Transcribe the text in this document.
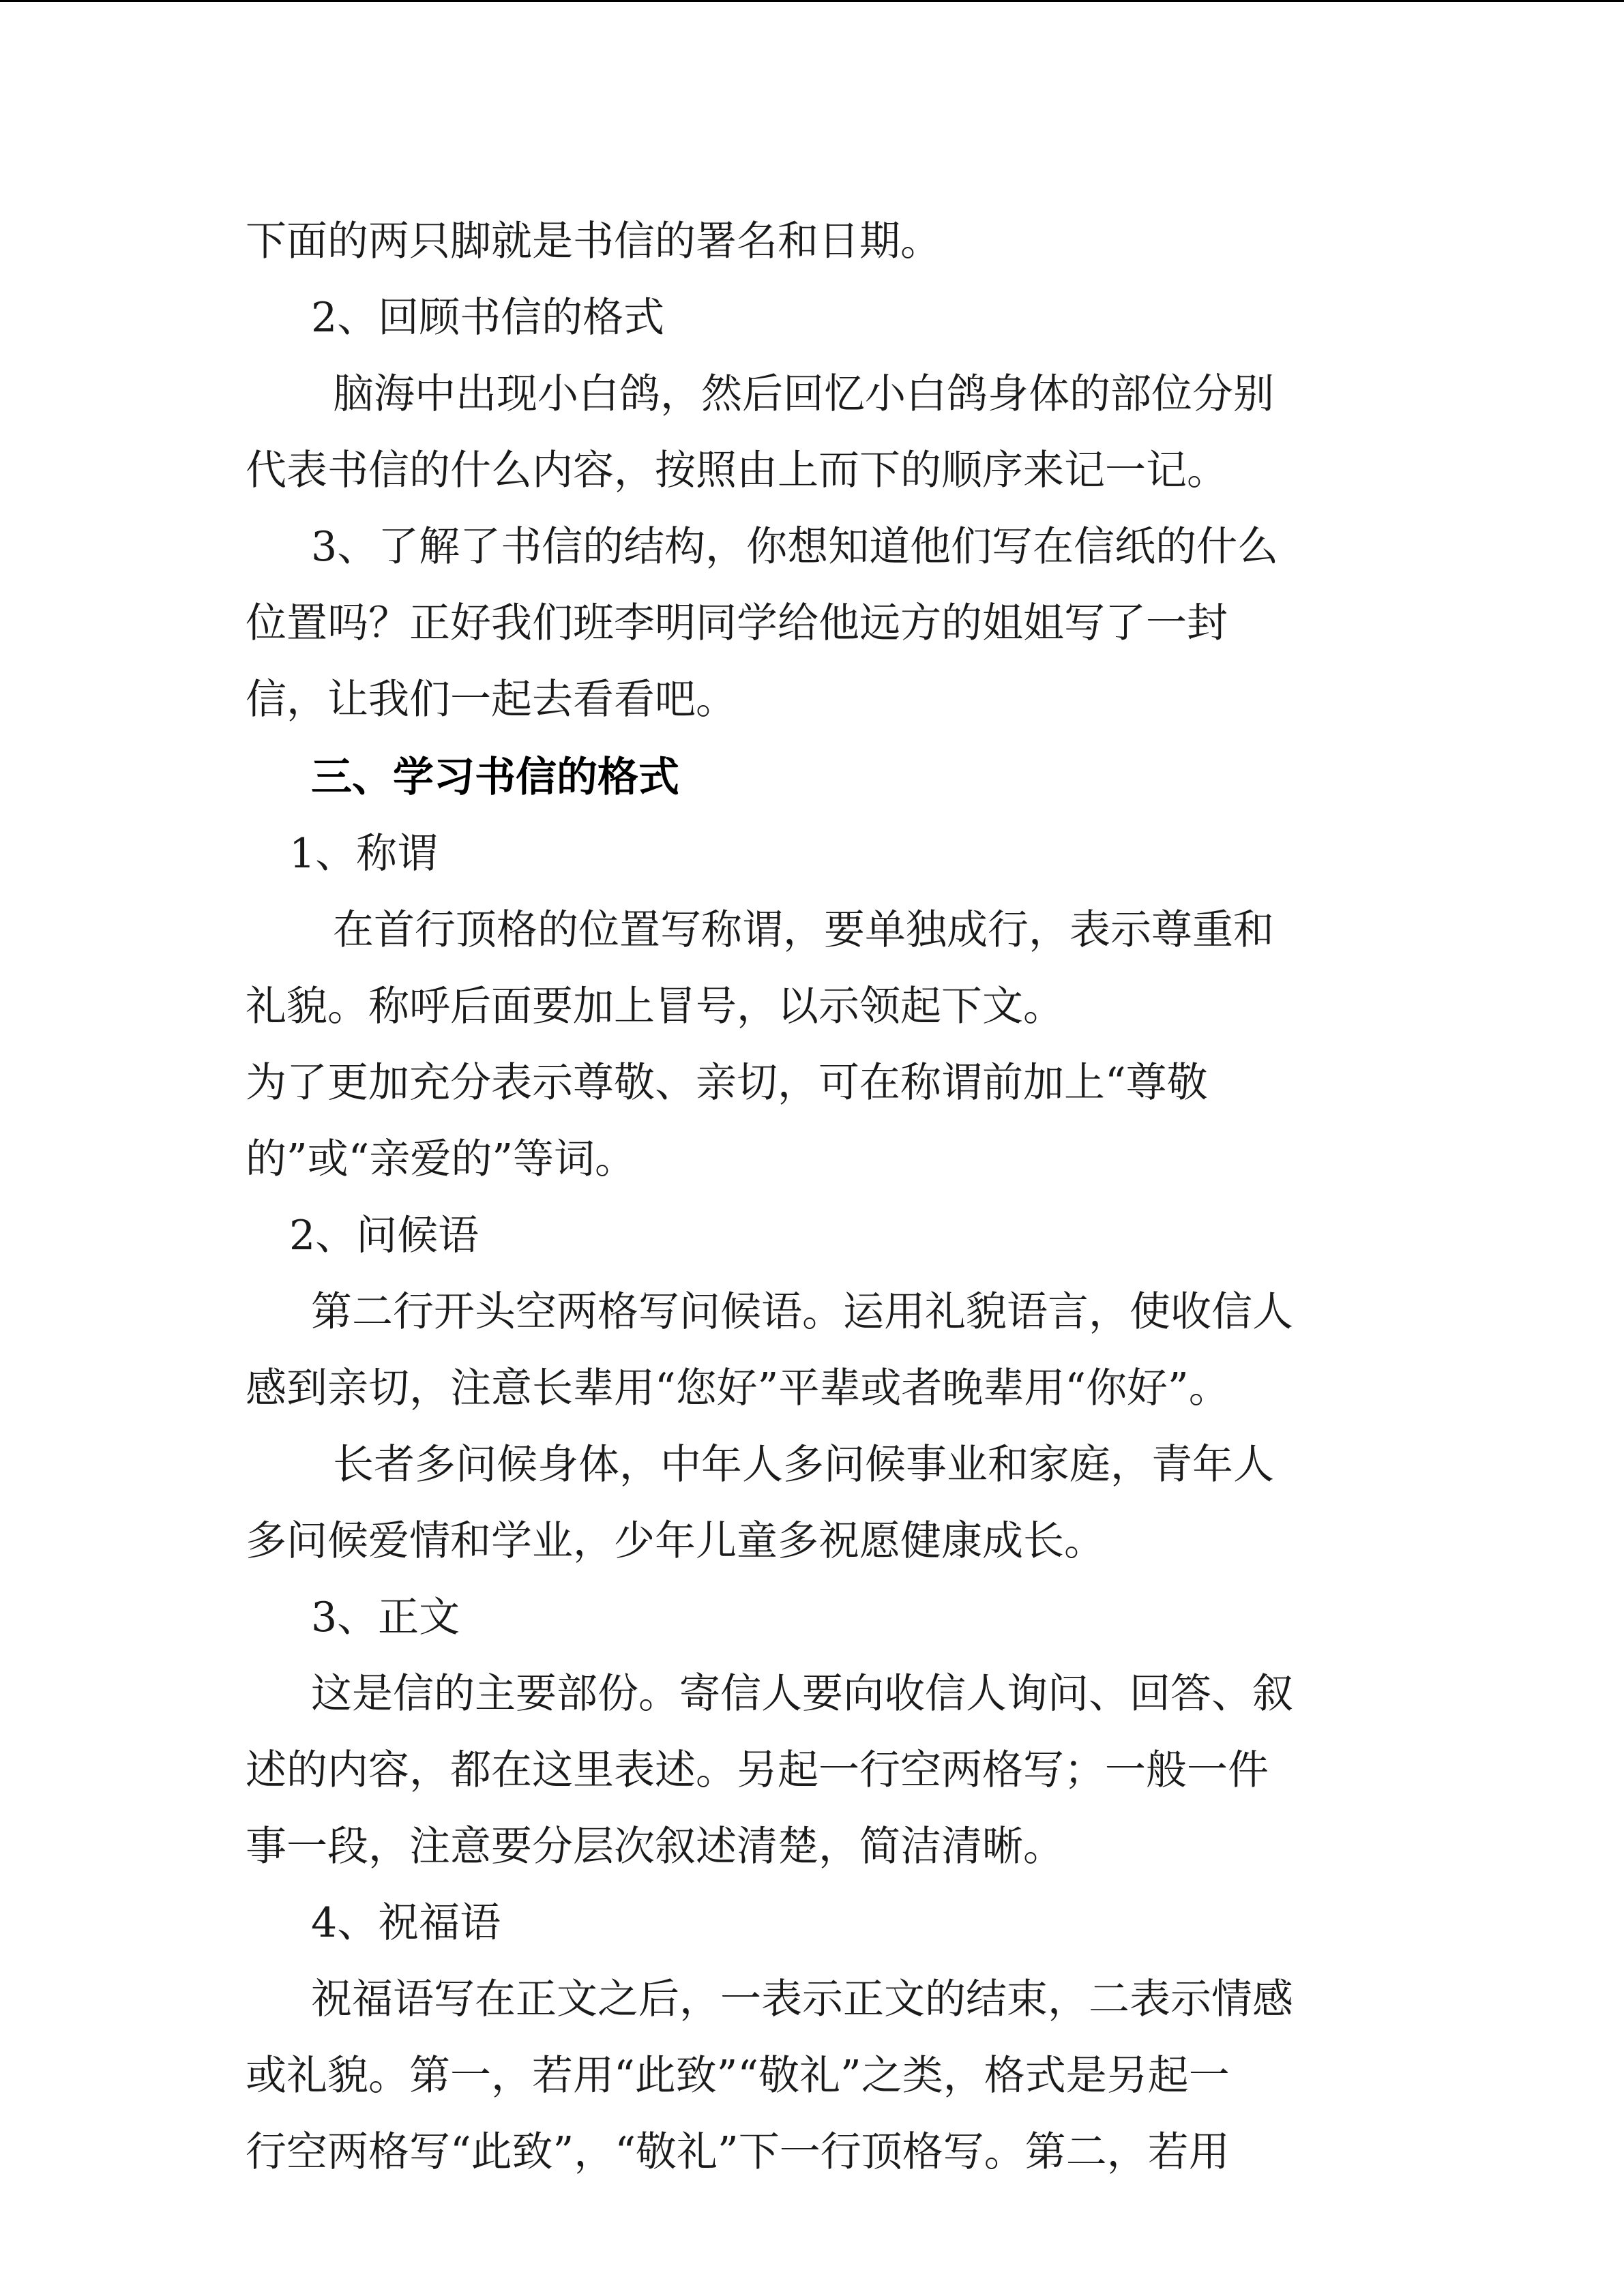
下面的两只脚就是书信的署名和日期。

2、回顾书信的格式

脑海中出现小白鸽，然后回忆小白鸽身体的部位分别

代表书信的什么内容，按照由上而下的顺序来记一记。

3、了解了书信的结构，你想知道他们写在信纸的什么

位置吗？正好我们班李明同学给他远方的姐姐写了一封

信，让我们一起去看看吧。

三、学习书信的格式

1、称谓

在首行顶格的位置写称谓，要单独成行，表示尊重和

礼貌。称呼后面要加上冒号，以示领起下文。

为了更加充分表示尊敬、亲切，可在称谓前加上“尊敬

的”或“亲爱的”等词。

2、问候语

第二行开头空两格写问候语。运用礼貌语言，使收信人

感到亲切，注意长辈用“您好”平辈或者晚辈用“你好”。

长者多问候身体，中年人多问候事业和家庭，青年人

多问候爱情和学业，少年儿童多祝愿健康成长。

3、正文

这是信的主要部份。寄信人要向收信人询问、回答、叙

述的内容，都在这里表述。另起一行空两格写；一般一件

事一段，注意要分层次叙述清楚，简洁清晰。

4、祝福语

祝福语写在正文之后，一表示正文的结束，二表示情感

或礼貌。第一，若用“此致”“敬礼”之类，格式是另起一

行空两格写“此致”，“敬礼”下一行顶格写。第二，若用
